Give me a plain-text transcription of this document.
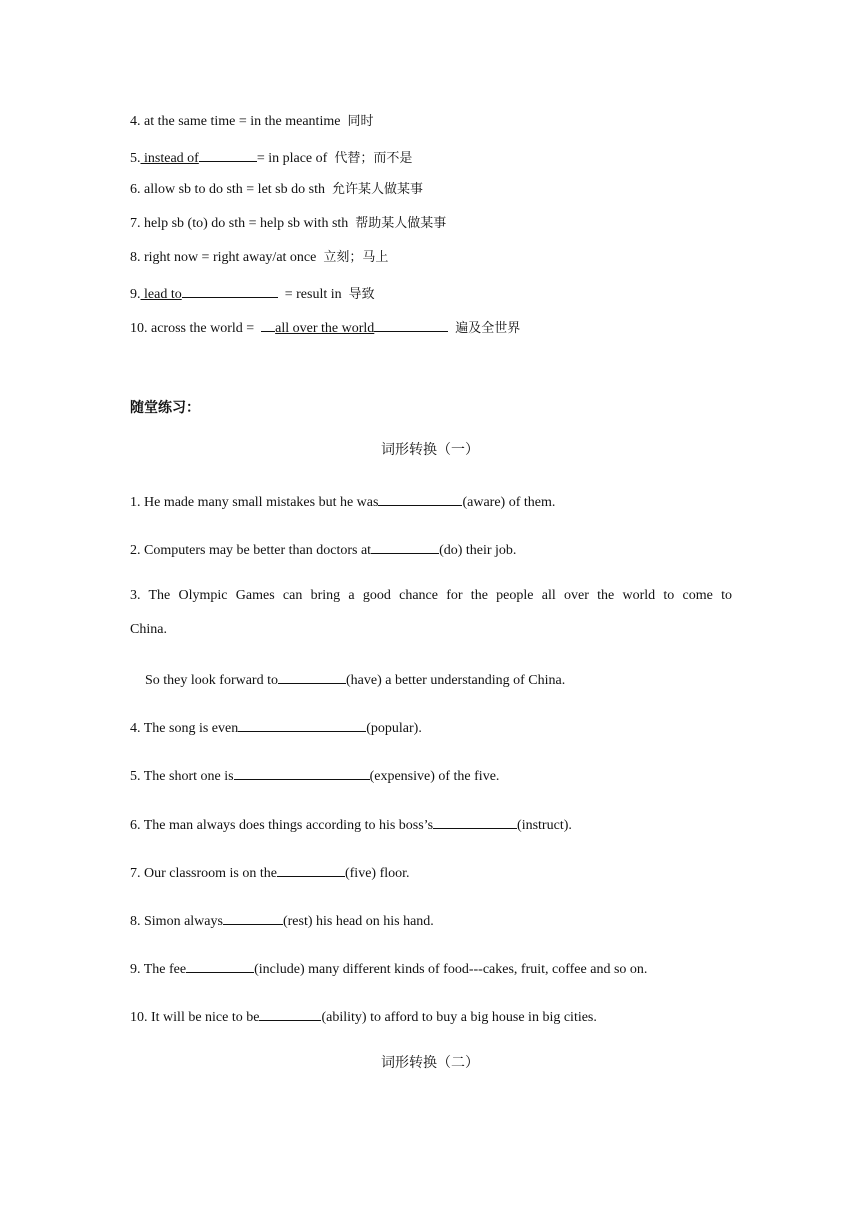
4. at the same time = in the meantime 同时
5. instead of	= in place of 代替；而不是
6. allow sb to do sth = let sb do sth 允许某人做某事
7. help sb (to) do sth = help sb with sth 帮助某人做某事
8. right now = right away/at once 立刻；马上
9. lead to	= result in 导致
10. across the world = all over the world	遍及全世界
随堂练习：
词形转换（一）
1. He made many small mistakes but he was	(aware) of them.
2. Computers may be better than doctors at	(do) their job.
3. The Olympic Games can bring a good chance for the people all over the world to come to
China.
So they look forward to	(have) a better understanding of China.
4. The song is even	(popular).
5. The short one is	(expensive) of the five.
6. The man always does things according to his boss’s	(instruct).
7. Our classroom is on the	(five) floor.
8. Simon always	(rest) his head on his hand.
9. The fee	(include) many different kinds of food---cakes, fruit, coffee and so on.
10. It will be nice to be	(ability) to afford to buy a big house in big cities.
词形转换（二）
